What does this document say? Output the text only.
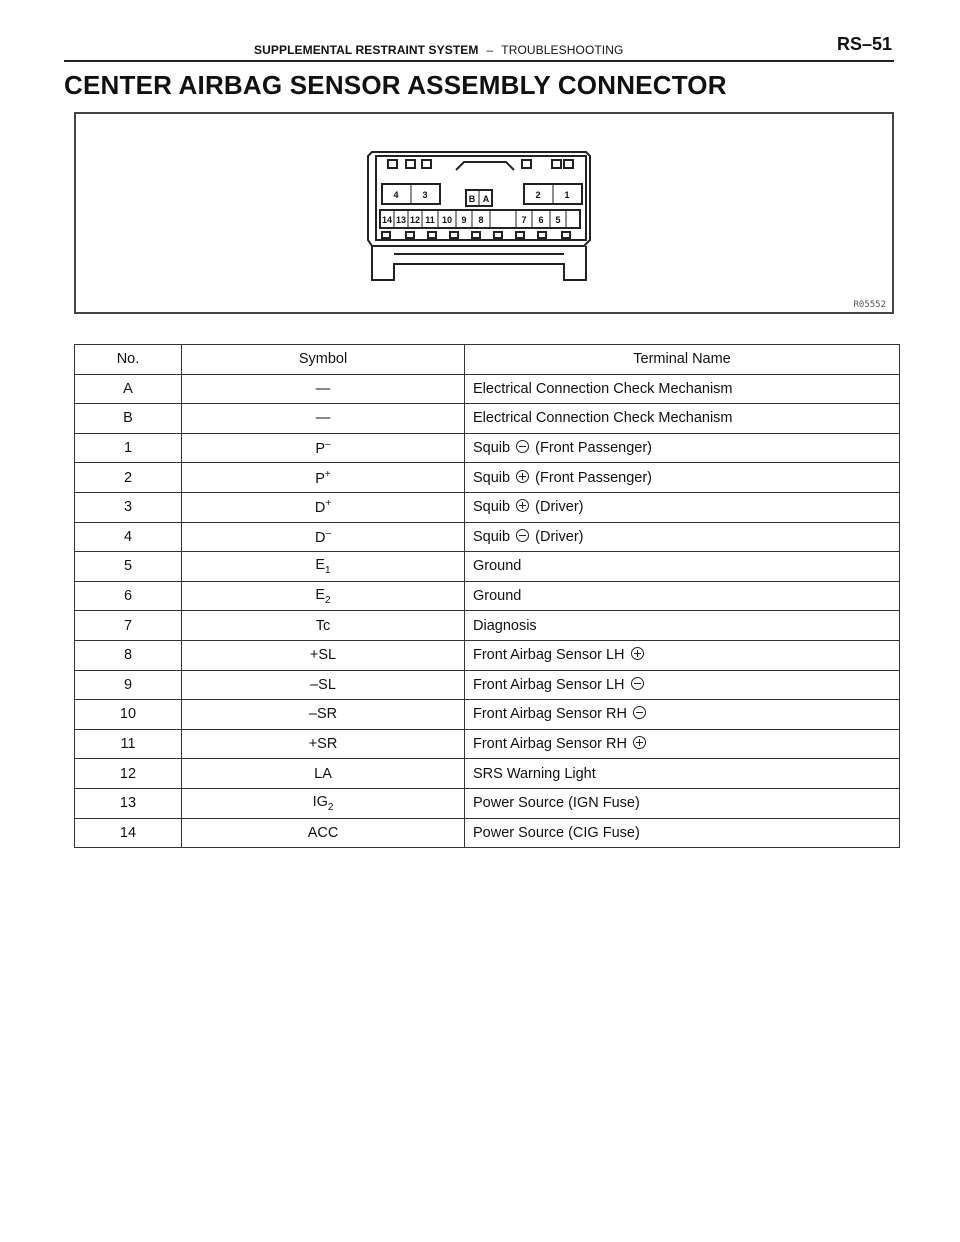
SUPPLEMENTAL RESTRAINT SYSTEM – TROUBLESHOOTING	RS–51
CENTER AIRBAG SENSOR ASSEMBLY CONNECTOR
4	3	B A	2	1
14 13 12 11 10 9 8	7 6 5
R05552
No.	Symbol	Terminal Name
A	—	Electrical Connection Check Mechanism
B	—	Electrical Connection Check Mechanism
1	P–	Squib (Front Passenger)
2	P+	Squib (Front Passenger)
3	D+	Squib (Driver)
4	D–	Squib (Driver)
5	$E_1$	Ground
6	$E_2$	Ground
7	Tc	Diagnosis
8	+SL	Front Airbag Sensor LH
9	–SL	Front Airbag Sensor LH
10	–SR	Front Airbag Sensor RH
11	+SR	Front Airbag Sensor RH
12	LA	SRS Warning Light
13	$IG_2$	Power Source (IGN Fuse)
14	ACC	Power Source (CIG Fuse)
